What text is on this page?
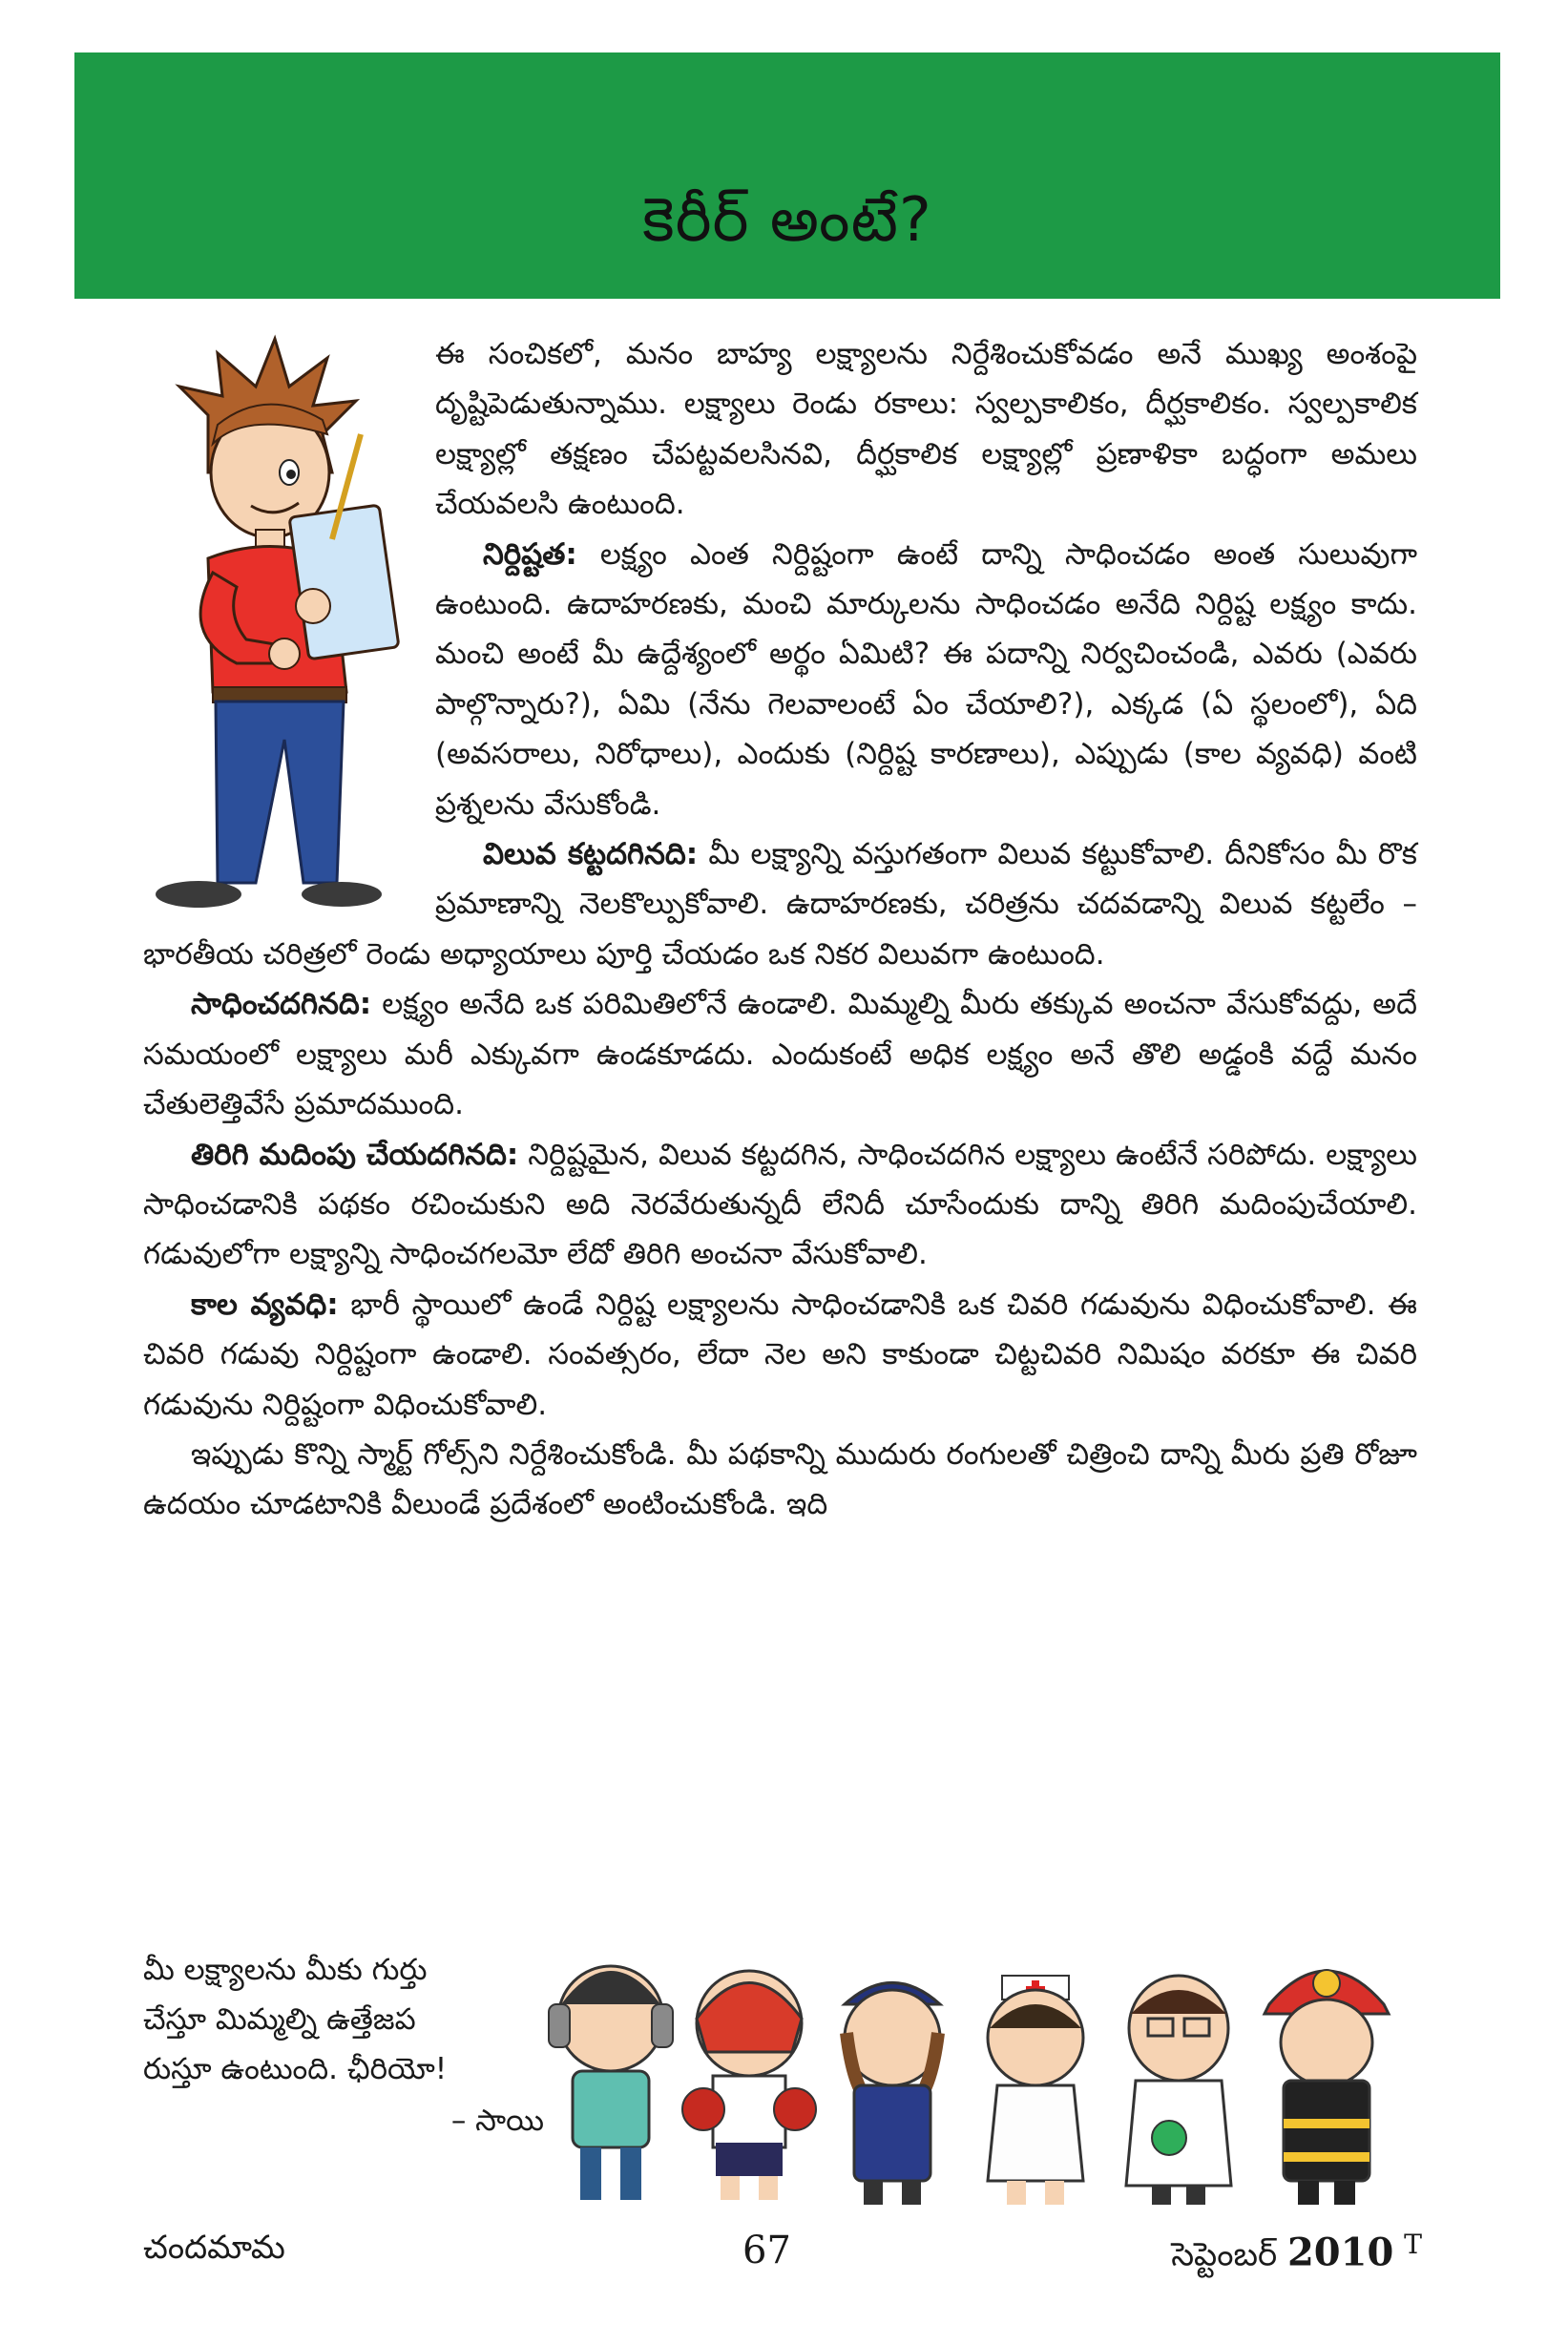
కెరీర్ అంటే?

ఈ సంచికలో, మనం బాహ్య లక్ష్యాలను నిర్దేశించుకోవడం అనే ముఖ్య అంశంపై దృష్టిపెడుతున్నాము. లక్ష్యాలు రెండు రకాలు: స్వల్పకాలికం, దీర్ఘకాలికం. స్వల్పకాలిక లక్ష్యాల్లో తక్షణం చేపట్టవలసినవి, దీర్ఘకాలిక లక్ష్యాల్లో ప్రణాళికా బద్ధంగా అమలు చేయవలసి ఉంటుంది.

నిర్దిష్టత: లక్ష్యం ఎంత నిర్దిష్టంగా ఉంటే దాన్ని సాధించడం అంత సులువుగా ఉంటుంది. ఉదాహరణకు, మంచి మార్కులను సాధించడం అనేది నిర్దిష్ట లక్ష్యం కాదు. మంచి అంటే మీ ఉద్దేశ్యంలో అర్థం ఏమిటి? ఈ పదాన్ని నిర్వచించండి, ఎవరు (ఎవరు పాల్గొన్నారు?), ఏమి (నేను గెలవాలంటే ఏం చేయాలి?), ఎక్కడ (ఏ స్థలంలో), ఏది (అవసరాలు, నిరోధాలు), ఎందుకు (నిర్దిష్ట కారణాలు), ఎప్పుడు (కాల వ్యవధి) వంటి ప్రశ్నలను వేసుకోండి.

విలువ కట్టదగినది: మీ లక్ష్యాన్ని వస్తుగతంగా విలువ కట్టుకోవాలి. దీనికోసం మీ రొక ప్రమాణాన్ని నెలకొల్పుకోవాలి. ఉదాహరణకు, చరిత్రను చదవడాన్ని విలువ కట్టలేం – భారతీయ చరిత్రలో రెండు అధ్యాయాలు పూర్తి చేయడం ఒక నికర విలువగా ఉంటుంది.

సాధించదగినది: లక్ష్యం అనేది ఒక పరిమితిలోనే ఉండాలి. మిమ్మల్ని మీరు తక్కువ అంచనా వేసుకోవద్దు, అదే సమయంలో లక్ష్యాలు మరీ ఎక్కువగా ఉండకూడదు. ఎందుకంటే అధిక లక్ష్యం అనే తొలి అడ్డంకి వద్దే మనం చేతులెత్తివేసే ప్రమాదముంది.

తిరిగి మదింపు చేయదగినది: నిర్దిష్టమైన, విలువ కట్టదగిన, సాధించదగిన లక్ష్యాలు ఉంటేనే సరిపోదు. లక్ష్యాలు సాధించడానికి పథకం రచించుకుని అది నెరవేరుతున్నదీ లేనిదీ చూసేందుకు దాన్ని తిరిగి మదింపుచేయాలి. గడువులోగా లక్ష్యాన్ని సాధించగలమో లేదో తిరిగి అంచనా వేసుకోవాలి.

కాల వ్యవధి: భారీ స్థాయిలో ఉండే నిర్దిష్ట లక్ష్యాలను సాధించడానికి ఒక చివరి గడువును విధించుకోవాలి. ఈ చివరి గడువు నిర్దిష్టంగా ఉండాలి. సంవత్సరం, లేదా నెల అని కాకుండా చిట్టచివరి నిమిషం వరకూ ఈ చివరి గడువును నిర్దిష్టంగా విధించుకోవాలి.

ఇప్పుడు కొన్ని స్మార్ట్ గోల్స్‌ని నిర్దేశించుకోండి. మీ పథకాన్ని ముదురు రంగులతో చిత్రించి దాన్ని మీరు ప్రతి రోజూ ఉదయం చూడటానికి వీలుండే ప్రదేశంలో అంటించుకోండి. ఇది

మీ లక్ష్యాలను మీకు గుర్తు
చేస్తూ మిమ్మల్ని ఉత్తేజప
రుస్తూ ఉంటుంది. ఛీరియో!
– సాయి
చందమామ	67	సెప్టెంబర్ 2010 $^T$
